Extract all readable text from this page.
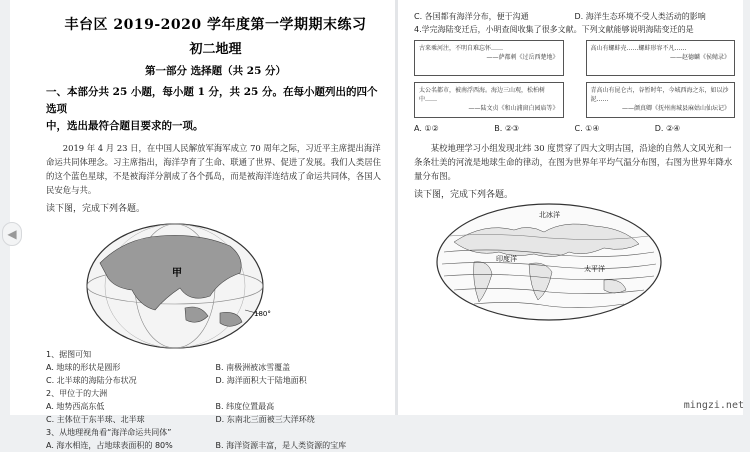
丰台区 2019-2020 学年度第一学期期末练习
初二地理
第一部分 选择题（共 25 分）

一、本部分共 25 小题，每小题 1 分，共 25 分。在每小题列出的四个选项

中，选出最符合题目要求的一项。

2019 年 4 月 23 日，在中国人民解放军海军成立 70 周年之际，习近平主席提出海洋命运共同体理念。习主席指出，海洋孕育了生命、联通了世界、促进了发展。我们人类居住的这个蓝色星球，不是被海洋分割成了各个孤岛，而是被海洋连结成了命运共同体，各国人民安危与共。

读下图，完成下列各题。

甲
180°
1、据图可知
A. 地球的形状是圆形	B. 南极洲被冰雪覆盖
C. 北半球的海陆分布状况	D. 海洋面积大于陆地面积
2、甲位于的大洲
A. 地势西高东低	B. 纬度位置最高
C. 主体位于东半球、北半球	D. 东南北三面被三大洋环绕
3、从地理视角看“海洋命运共同体”
A. 海水相连，占地球表面积的 80%	B. 海洋资源丰富，是人类资源的宝库
C. 各国都有海洋分布，便于沟通	D. 海洋生态环境不受人类活动的影响
4.学完海陆变迁后，小明查阅收集了很多文献。下列文献能够说明海陆变迁的是
古来乘河注，不明自难忘怀……
——萨都剌《过岳西楚地》
高山有螺蚌壳……螺蚌形容不凡……
——赵德麟《侯鲭录》
太公名都市，被南浮西海。海边三山观，松柏树中……
——陆文贞《和山浦窗白园庙等》
青高山有昆仑古，谷暂时年，今城西海之东，如以沙泥……
——颜真卿《抚州南城县麻姑山仙坛记》
A. ①②	B. ②③	C. ①④	D. ②④

某校地理学习小组发现北纬 30 度贯穿了四大文明古国，沿途的自然人文风光和一条条壮美的河流是地球生命的律动，在图为世界年平均气温分布图，右图为世界年降水量分布图。

读下图，完成下列各题。

北冰洋
太平洋
印度洋
◀
mingzi.net
